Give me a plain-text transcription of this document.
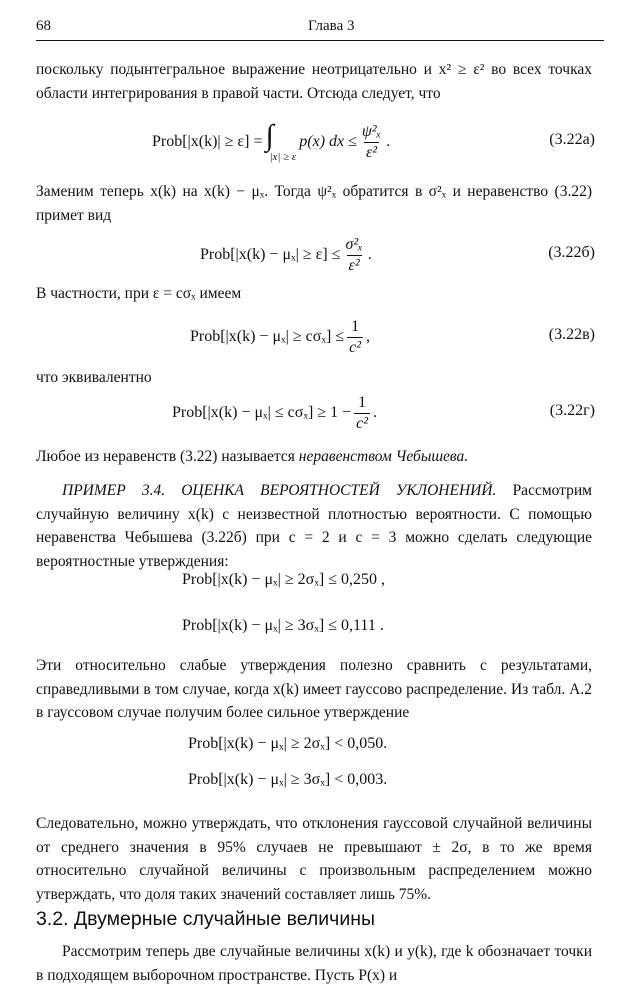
68	Глава 3
поскольку подынтегральное выражение неотрицательно и x² ≥ ε² во всех точках области интегрирования в правой части. Отсюда следует, что
Prob[|x(k)| ≥ ε] = ∫
|x| ≥ ε
p(x) dx ≤ $\frac{\text{ψ²ₓ}}{\text{ε²}}$ .	(3.22a)
Заменим теперь x(k) на x(k) − μₓ. Тогда ψ²ₓ обратится в σ²ₓ и неравенство (3.22) примет вид
Prob[|x(k) − $\mu_x| \ge \varepsilon] \le \frac{\text{σ²ₓ}}{\text{ε²}}$ .	(3.22б)
В частности, при ε = cσₓ имеем
Prob[|x(k) − $\mu_x| \ge c\sigma_x] \le \frac{1}{\text{c²}}$ ,	(3.22в)
что эквивалентно
Prob[|x(k) − $\mu_x| \le c\sigma_x] \ge 1 - \frac{1}{\text{c²}}$ .	(3.22г)
Любое из неравенств (3.22) называется неравенством Чебышева.
ПРИМЕР 3.4. ОЦЕНКА ВЕРОЯТНОСТЕЙ УКЛОНЕНИЙ. Рассмотрим случайную величину x(k) с неизвестной плотностью вероятности. С помощью неравенства Чебышева (3.22б) при c = 2 и c = 3 можно сделать следующие вероятностные утверждения:
Prob[|x(k) − μₓ| ≥ 2σₓ] ≤ 0,250 ,
Prob[|x(k) − μₓ| ≥ 3σₓ] ≤ 0,111 .
Эти относительно слабые утверждения полезно сравнить с результатами, справедливыми в том случае, когда x(k) имеет гауссово распределение. Из табл. А.2 в гауссовом случае получим более сильное утверждение
Prob[|x(k) − μₓ| ≥ 2σₓ] < 0,050.
Prob[|x(k) − μₓ| ≥ 3σₓ] < 0,003.
Следовательно, можно утверждать, что отклонения гауссовой случайной величины от среднего значения в 95% случаев не превышают ± 2σ, в то же время относительно случайной величины с произвольным распределением можно утверждать, что доля таких значений составляет лишь 75%.
3.2. Двумерные случайные величины
Рассмотрим теперь две случайные величины x(k) и y(k), где k обозначает точки в подходящем выборочном пространстве. Пусть P(x) и
